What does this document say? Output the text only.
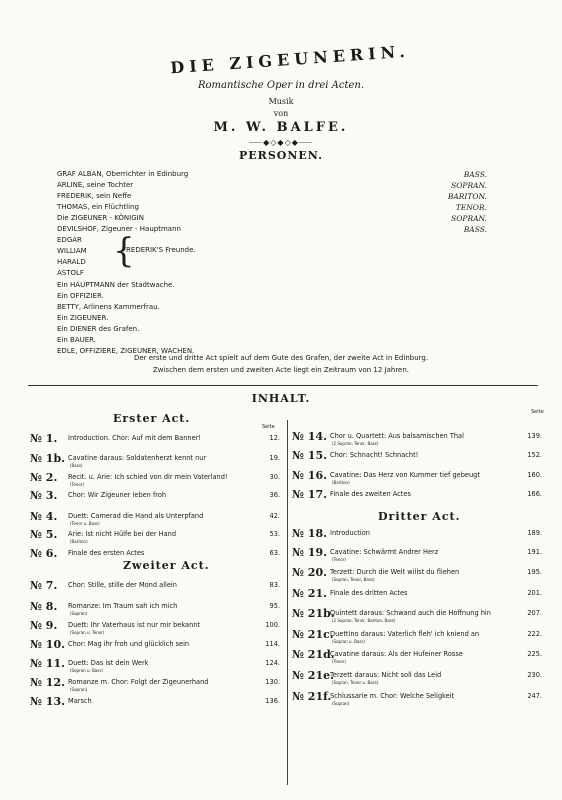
DIE ZIGEUNERIN.
Romantische Oper in drei Acten.
Musik
von
M. W. BALFE.
⸺◆◇◆◇◆⸺
PERSONEN.
GRAF ALBAN, Oberrichter in Edinburg	BASS.
ARLINE, seine Tochter	SOPRAN.
FREDERIK, sein Neffe	BARITON.
THOMAS, ein Flüchtling	TENOR.
Die ZIGEUNER - KÖNIGIN	SOPRAN.
DEVILSHOF, Zigeuner - Hauptmann	BASS.
EDGAR
WILLIAM
HARALD
ASTOLF
{
FREDERIK'S Freunde.
Ein HAUPTMANN der Stadtwache.
Ein OFFIZIER.
BETTY, Arlinens Kammerfrau.
Ein ZIGEUNER.
Ein DIENER des Grafen.
Ein BAUER.
EDLE, OFFIZIERE, ZIGEUNER, WACHEN.
Der erste und dritte Act spielt auf dem Gute des Grafen, der zweite Act in Edinburg.
Zwischen dem ersten und zweiten Acte liegt ein Zeitraum von 12 Jahren.
INHALT.
Erster Act.
Seite
Seite
№ 1. Introduction. Chor: Auf mit dem Banner!	12.
№ 1b. Cavatine daraus: Soldatenherzt kennt nur	19.
(Bass)
№ 2. Recit. u. Arie: Ich schied von dir mein Vaterland!	30.
(Tenor)
№ 3. Chor: Wir Zigeuner leben froh	36.
№ 4. Duett: Camerad die Hand als Unterpfand	42.
(Tenor u. Bass)
№ 5. Arie: Ist nicht Hülfe bei der Hand	53.
(Bariton)
№ 6. Finale des ersten Actes	63.
№ 7. Chor: Stille, stille der Mond allein	83.
№ 8. Romanze: Im Traum sah ich mich	95.
(Sopran)
№ 9. Duett: Ihr Vaterhaus ist nur mir bekannt	100.
(Sopran u. Tenor)
№ 10. Chor: Mag ihr froh und glücklich sein	114.
№ 11. Duett: Das ist dein Werk	124.
(Sopran u. Bass)
№ 12. Romanze m. Chor: Folgt der Zigeunerhand	130.
(Sopran)
№ 13. Marsch	136.
Zweiter Act.
№ 14. Chor u. Quartett: Aus balsamischen Thal	139.
(2 Sopran, Tenor, Bass)
№ 15. Chor: Schnacht! Schnacht!	152.
№ 16. Cavatine: Das Herz von Kummer tief gebeugt	160.
(Bariton)
№ 17. Finale des zweiten Actes	166.
№ 18. Introduction	189.
№ 19. Cavatine: Schwärmt Andrer Herz	191.
(Tenor)
№ 20. Terzett: Durch die Welt willst du fliehen	195.
(Sopran, Tenor, Bass)
№ 21. Finale des dritten Actes	201.
№ 21b.
Quintett daraus: Schwand auch die Hoffnung hin	207.
(2 Sopran, Tenor, Bariton, Bass)
№ 21c.
Duettino daraus: Vaterlich fleh' ich kniend an	222.
(Sopran u. Bass)
№ 21d.
Cavatine daraus: Als der Hufeiner Rosse	225.
(Tenor)
№ 21e.
Terzett daraus: Nicht soll das Leid	230.
(Sopran, Tenor u. Bass)
№ 21f.
Schlussarie m. Chor: Welche Seligkeit	247.
(Sopran)
Dritter Act.
